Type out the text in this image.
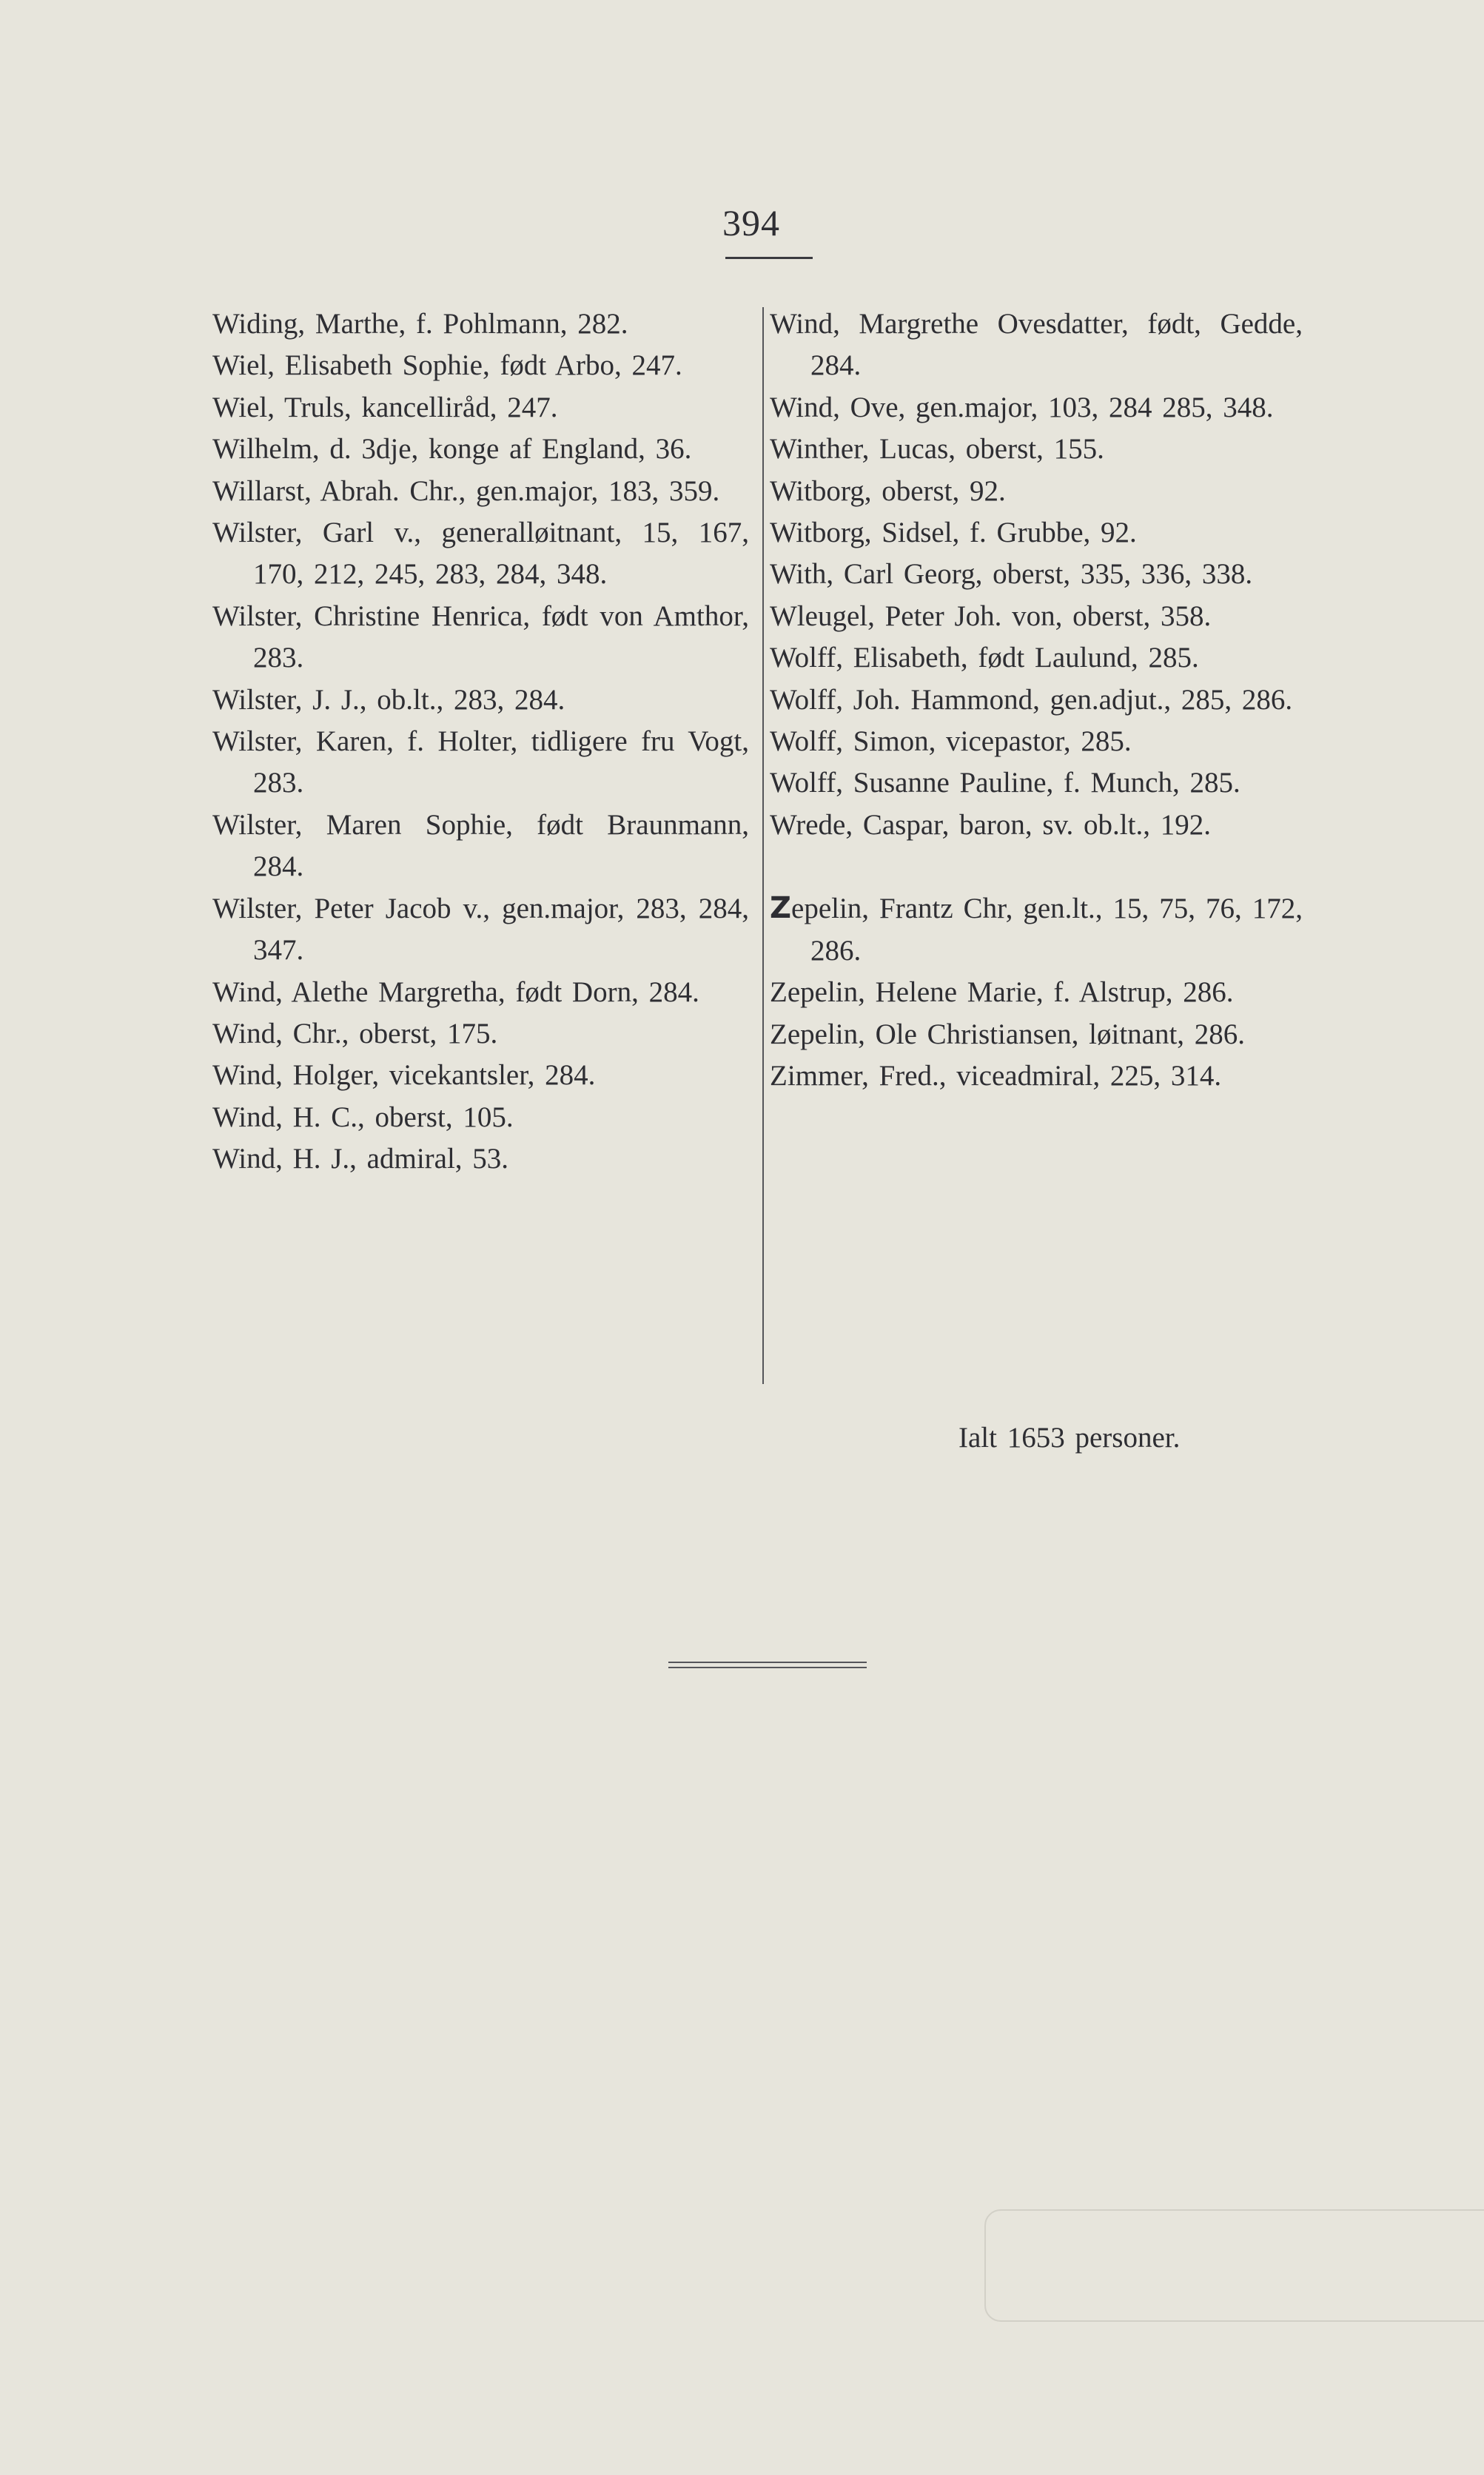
394
Widing, Marthe, f. Pohlmann, 282.
Wiel, Elisabeth Sophie, født Arbo, 247.
Wiel, Truls, kancelliråd, 247.
Wilhelm, d. 3dje, konge af England, 36.
Willarst, Abrah. Chr., gen.major, 183, 359.
Wilster, Garl v., generalløitnant, 15, 167, 170, 212, 245, 283, 284, 348.
Wilster, Christine Henrica, født von Amthor, 283.
Wilster, J. J., ob.lt., 283, 284.
Wilster, Karen, f. Holter, tidligere fru Vogt, 283.
Wilster, Maren Sophie, født Braunmann, 284.
Wilster, Peter Jacob v., gen.major, 283, 284, 347.
Wind, Alethe Margretha, født Dorn, 284.
Wind, Chr., oberst, 175.
Wind, Holger, vicekantsler, 284.
Wind, H. C., oberst, 105.
Wind, H. J., admiral, 53.
Wind, Margrethe Ovesdatter, født, Gedde, 284.
Wind, Ove, gen.major, 103, 284 285, 348.
Winther, Lucas, oberst, 155.
Witborg, oberst, 92.
Witborg, Sidsel, f. Grubbe, 92.
With, Carl Georg, oberst, 335, 336, 338.
Wleugel, Peter Joh. von, oberst, 358.
Wolff, Elisabeth, født Laulund, 285.
Wolff, Joh. Hammond, gen.adjut., 285, 286.
Wolff, Simon, vicepastor, 285.
Wolff, Susanne Pauline, f. Munch, 285.
Wrede, Caspar, baron, sv. ob.lt., 192.
Zepelin, Frantz Chr, gen.lt., 15, 75, 76, 172, 286.
Zepelin, Helene Marie, f. Alstrup, 286.
Zepelin, Ole Christiansen, løitnant, 286.
Zimmer, Fred., viceadmiral, 225, 314.
Ialt 1653 personer.
